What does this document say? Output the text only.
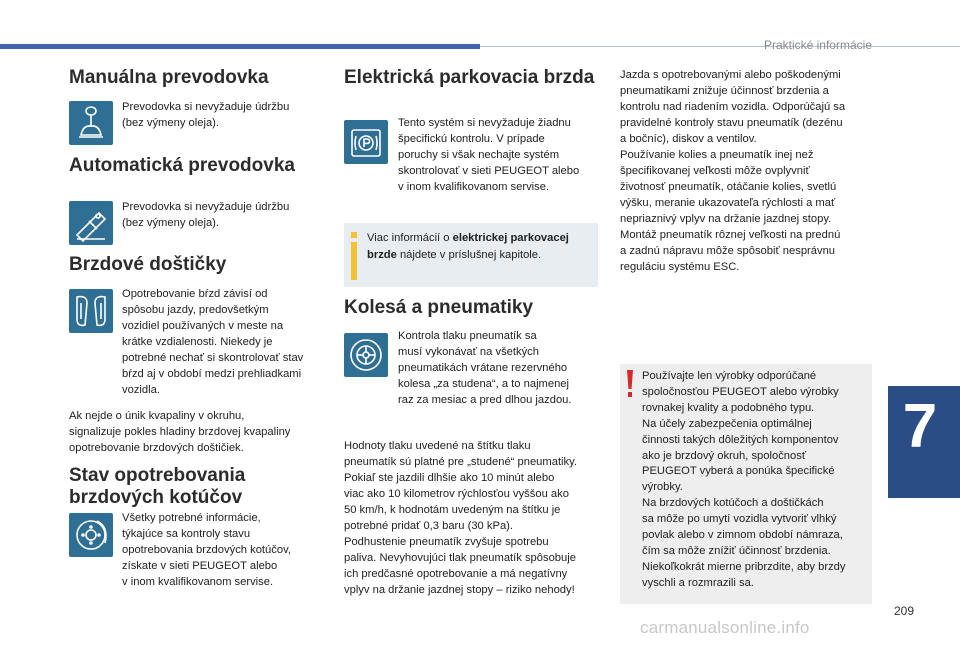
Praktické informácie
7
209
carmanualsonline.info
Manuálna prevodovka

Prevodovka si nevyžaduje údržbu

(bez výmeny oleja).

Automatická prevodovka

Prevodovka si nevyžaduje údržbu

(bez výmeny oleja).

Brzdové doštičky

Opotrebovanie bŕzd závisí od

spôsobu jazdy, predovšetkým

vozidiel používaných v meste na

krátke vzdialenosti. Niekedy je

potrebné nechať si skontrolovať stav

bŕzd aj v období medzi prehliadkami

vozidla.

Ak nejde o únik kvapaliny v okruhu,

signalizuje pokles hladiny brzdovej kvapaliny

opotrebovanie brzdových doštičiek.

Stav opotrebovania
brzdových kotúčov

Všetky potrebné informácie,

týkajúce sa kontroly stavu

opotrebovania brzdových kotúčov,

získate v sieti PEUGEOT alebo

v inom kvalifikovanom servise.

Elektrická parkovacia brzda

Tento systém si nevyžaduje žiadnu

špecifickú kontrolu. V prípade

poruchy si však nechajte systém

skontrolovať v sieti PEUGEOT alebo

v inom kvalifikovanom servise.

Viac informácií o elektrickej parkovacej
brzde nájdete v príslušnej kapitole.
Kolesá a pneumatiky

Kontrola tlaku pneumatík sa

musí vykonávať na všetkých

pneumatikách vrátane rezervného

kolesa „za studena“, a to najmenej

raz za mesiac a pred dlhou jazdou.

Hodnoty tlaku uvedené na štítku tlaku

pneumatík sú platné pre „studené“ pneumatiky.

Pokiaľ ste jazdili dlhšie ako 10 minút alebo

viac ako 10 kilometrov rýchlosťou vyššou ako

50 km/h, k hodnotám uvedeným na štítku je

potrebné pridať 0,3 baru (30 kPa).

Podhustenie pneumatík zvyšuje spotrebu

paliva. Nevyhovujúci tlak pneumatík spôsobuje

ich predčasné opotrebovanie a má negatívny

vplyv na držanie jazdnej stopy – riziko nehody!

Jazda s opotrebovanými alebo poškodenými

pneumatikami znižuje účinnosť brzdenia a

kontrolu nad riadením vozidla. Odporúčajú sa

pravidelné kontroly stavu pneumatík (dezénu

a bočníc), diskov a ventilov.

Používanie kolies a pneumatík inej než

špecifikovanej veľkosti môže ovplyvniť

životnosť pneumatík, otáčanie kolies, svetlú

výšku, meranie ukazovateľa rýchlosti a mať

nepriaznivý vplyv na držanie jazdnej stopy.

Montáž pneumatík rôznej veľkosti na prednú

a zadnú nápravu môže spôsobiť nesprávnu

reguláciu systému ESC.

Používajte len výrobky odporúčané
spoločnosťou PEUGEOT alebo výrobky
rovnakej kvality a podobného typu.
Na účely zabezpečenia optimálnej
činnosti takých dôležitých komponentov
ako je brzdový okruh, spoločnosť
PEUGEOT vyberá a ponúka špecifické
výrobky.
Na brzdových kotúčoch a doštičkách
sa môže po umytí vozidla vytvoriť vlhký
povlak alebo v zimnom období námraza,
čím sa môže znížiť účinnosť brzdenia.
Niekoľkokrát mierne pribrzdite, aby brzdy
vyschli a rozmrazili sa.
